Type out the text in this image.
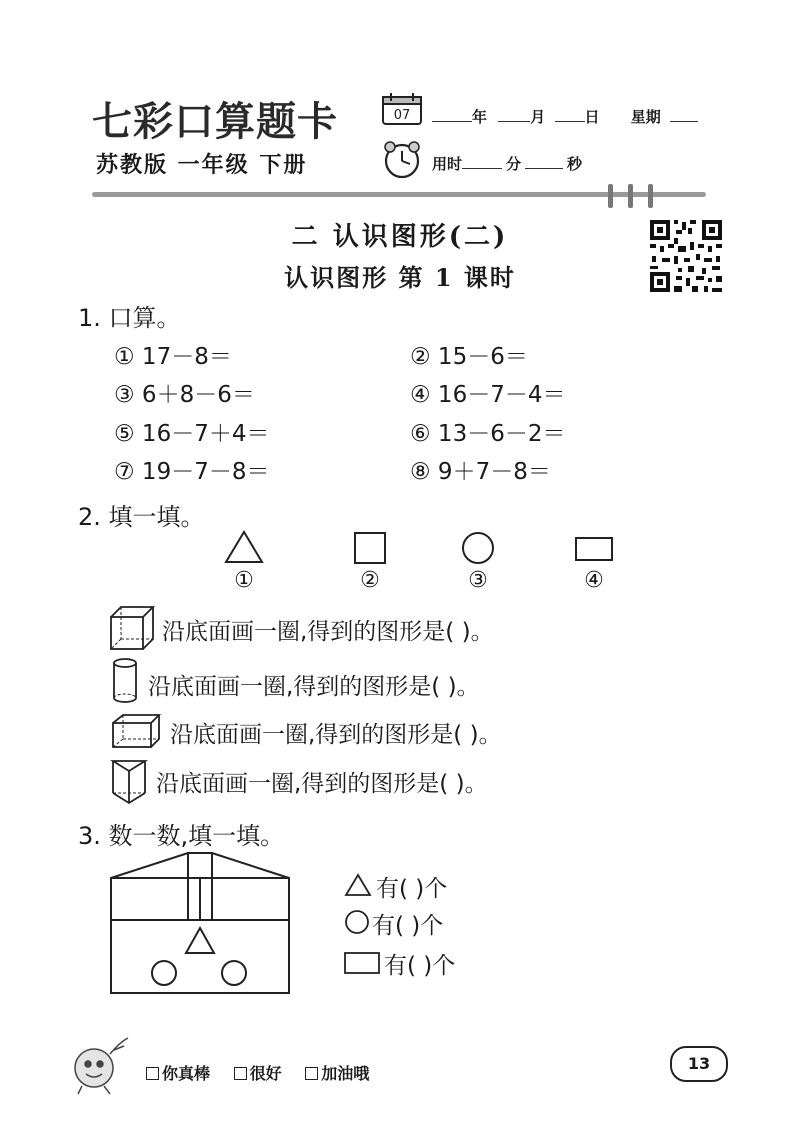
七彩口算题卡
苏教版 一年级 下册
07	年	月	日 星期
用时	分	秒
二 认识图形(二)
认识图形 第 1 课时
1. 口算。
① 17－8＝	② 15－6＝
③ 6＋8－6＝	④ 16－7－4＝
⑤ 16－7＋4＝	⑥ 13－6－2＝
⑦ 19－7－8＝	⑧ 9＋7－8＝
2. 填一填。
①	②	③	④
沿底面画一圈,得到的图形是( )。
沿底面画一圈,得到的图形是( )。
沿底面画一圈,得到的图形是( )。
沿底面画一圈,得到的图形是( )。
3. 数一数,填一填。
有( )个
有( )个
有( )个
你真棒 很好 加油哦
13
